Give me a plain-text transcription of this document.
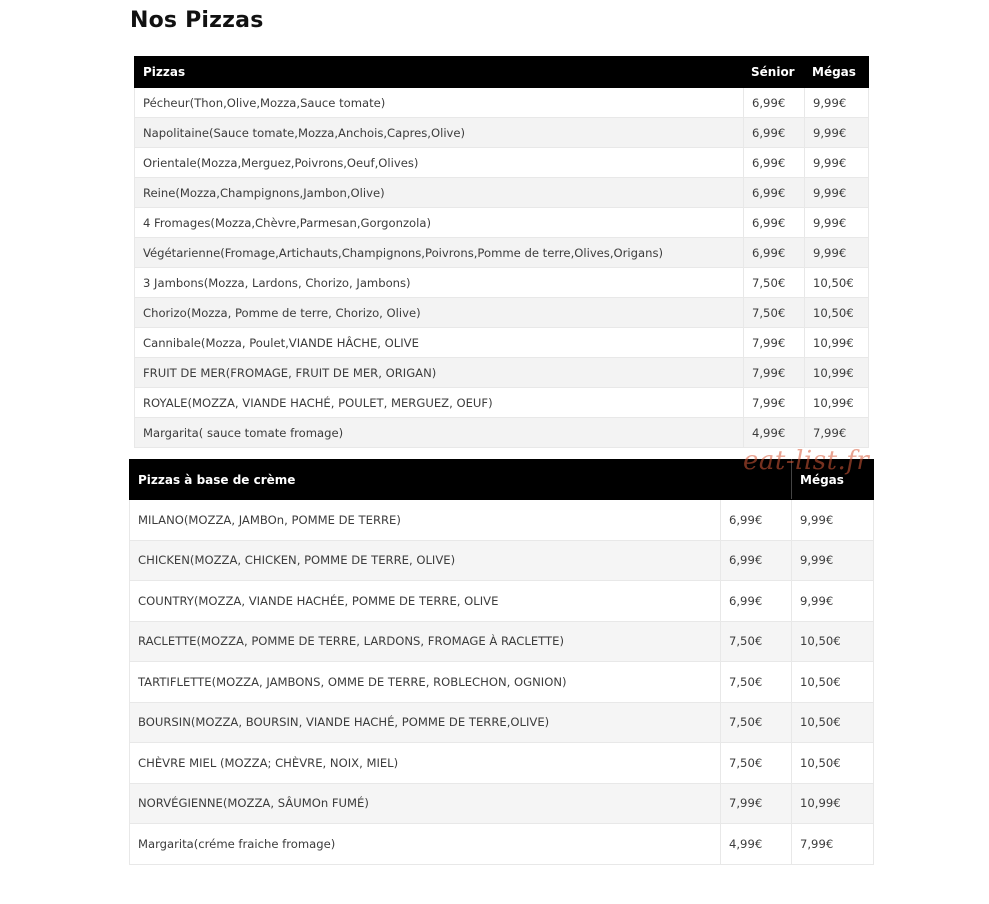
Nos Pizzas
Pizzas	Sénior	Mégas
Pécheur(Thon,Olive,Mozza,Sauce tomate)	6,99€	9,99€
Napolitaine(Sauce tomate,Mozza,Anchois,Capres,Olive)	6,99€	9,99€
Orientale(Mozza,Merguez,Poivrons,Oeuf,Olives)	6,99€	9,99€
Reine(Mozza,Champignons,Jambon,Olive)	6,99€	9,99€
4 Fromages(Mozza,Chèvre,Parmesan,Gorgonzola)	6,99€	9,99€
Végétarienne(Fromage,Artichauts,Champignons,Poivrons,Pomme de terre,Olives,Origans)	6,99€	9,99€
3 Jambons(Mozza, Lardons, Chorizo, Jambons)	7,50€	10,50€
Chorizo(Mozza, Pomme de terre, Chorizo, Olive)	7,50€	10,50€
Cannibale(Mozza, Poulet,VIANDE HÂCHE, OLIVE	7,99€	10,99€
FRUIT DE MER(FROMAGE, FRUIT DE MER, ORIGAN)	7,99€	10,99€
ROYALE(MOZZA, VIANDE HACHÉ, POULET, MERGUEZ, OEUF)	7,99€	10,99€
Margarita( sauce tomate fromage)	4,99€	7,99€
Pizzas à base de crème		Mégas
MILANO(MOZZA, JAMBOn, POMME DE TERRE)	6,99€	9,99€
CHICKEN(MOZZA, CHICKEN, POMME DE TERRE, OLIVE)	6,99€	9,99€
COUNTRY(MOZZA, VIANDE HACHÉE, POMME DE TERRE, OLIVE	6,99€	9,99€
RACLETTE(MOZZA, POMME DE TERRE, LARDONS, FROMAGE À RACLETTE)	7,50€	10,50€
TARTIFLETTE(MOZZA, JAMBONS, OMME DE TERRE, ROBLECHON, OGNION)	7,50€	10,50€
BOURSIN(MOZZA, BOURSIN, VIANDE HACHÉ, POMME DE TERRE,OLIVE)	7,50€	10,50€
CHÈVRE MIEL (MOZZA; CHÈVRE, NOIX, MIEL)	7,50€	10,50€
NORVÉGIENNE(MOZZA, SÂUMOn FUMÉ)	7,99€	10,99€
Margarita(créme fraiche fromage)	4,99€	7,99€
eat-list.fr
